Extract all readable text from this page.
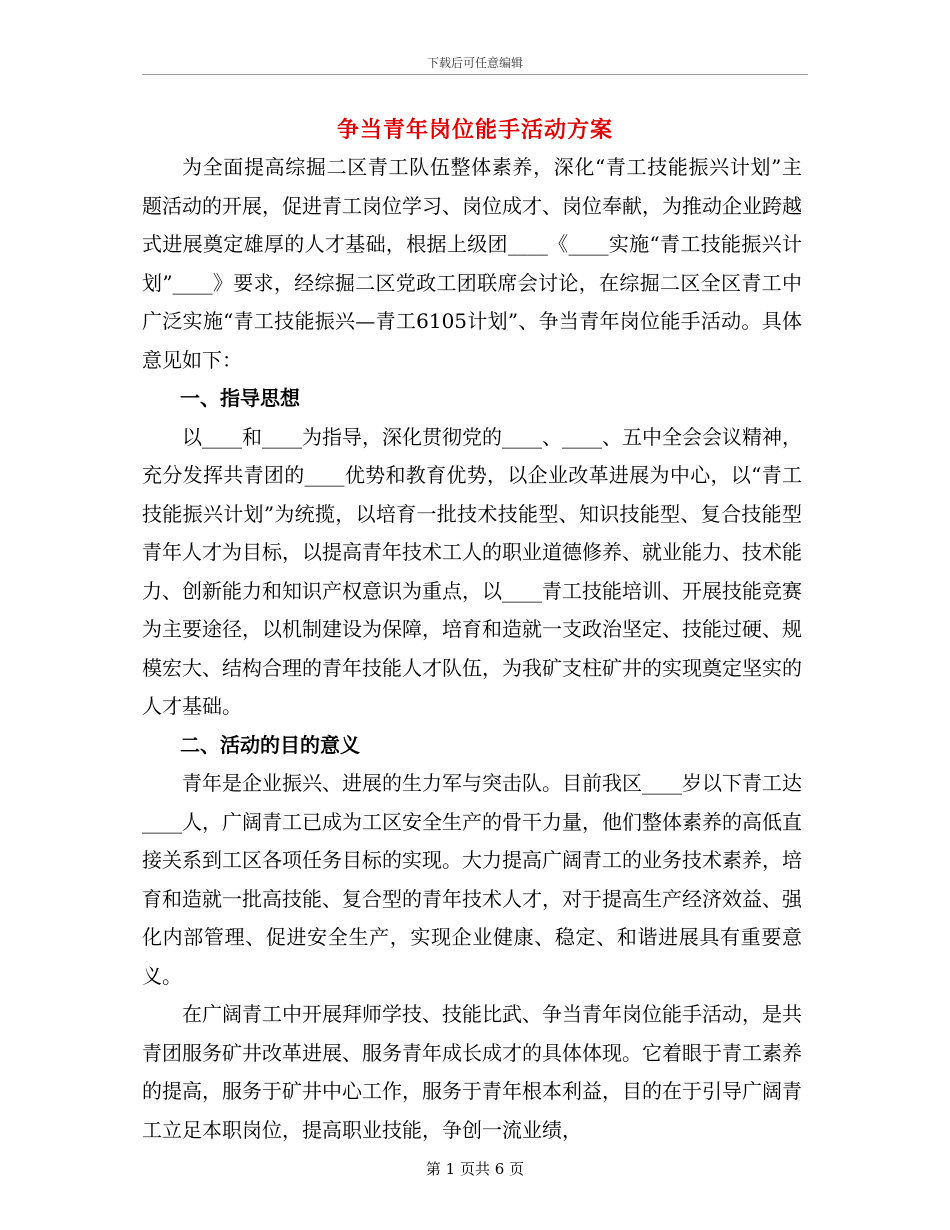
下载后可任意编辑
争当青年岗位能手活动方案

为全面提高综掘二区青工队伍整体素养，深化“青工技能振兴计划”主题活动的开展，促进青工岗位学习、岗位成才、岗位奉献，为推动企业跨越式进展奠定雄厚的人才基础，根据上级团____《____实施“青工技能振兴计划”____》要求，经综掘二区党政工团联席会讨论，在综掘二区全区青工中广泛实施“青工技能振兴—青工6105计划”、争当青年岗位能手活动。具体意见如下：

一、指导思想

以____和____为指导，深化贯彻党的____、____、五中全会会议精神，充分发挥共青团的____优势和教育优势，以企业改革进展为中心，以“青工技能振兴计划”为统揽，以培育一批技术技能型、知识技能型、复合技能型青年人才为目标，以提高青年技术工人的职业道德修养、就业能力、技术能力、创新能力和知识产权意识为重点，以____青工技能培训、开展技能竞赛为主要途径，以机制建设为保障，培育和造就一支政治坚定、技能过硬、规模宏大、结构合理的青年技能人才队伍，为我矿支柱矿井的实现奠定坚实的人才基础。

二、活动的目的意义

青年是企业振兴、进展的生力军与突击队。目前我区____岁以下青工达____人，广阔青工已成为工区安全生产的骨干力量，他们整体素养的高低直接关系到工区各项任务目标的实现。大力提高广阔青工的业务技术素养，培育和造就一批高技能、复合型的青年技术人才，对于提高生产经济效益、强化内部管理、促进安全生产，实现企业健康、稳定、和谐进展具有重要意义。

在广阔青工中开展拜师学技、技能比武、争当青年岗位能手活动，是共青团服务矿井改革进展、服务青年成长成才的具体体现。它着眼于青工素养的提高，服务于矿井中心工作，服务于青年根本利益，目的在于引导广阔青工立足本职岗位，提高职业技能，争创一流业绩，

第 1 页共 6 页
